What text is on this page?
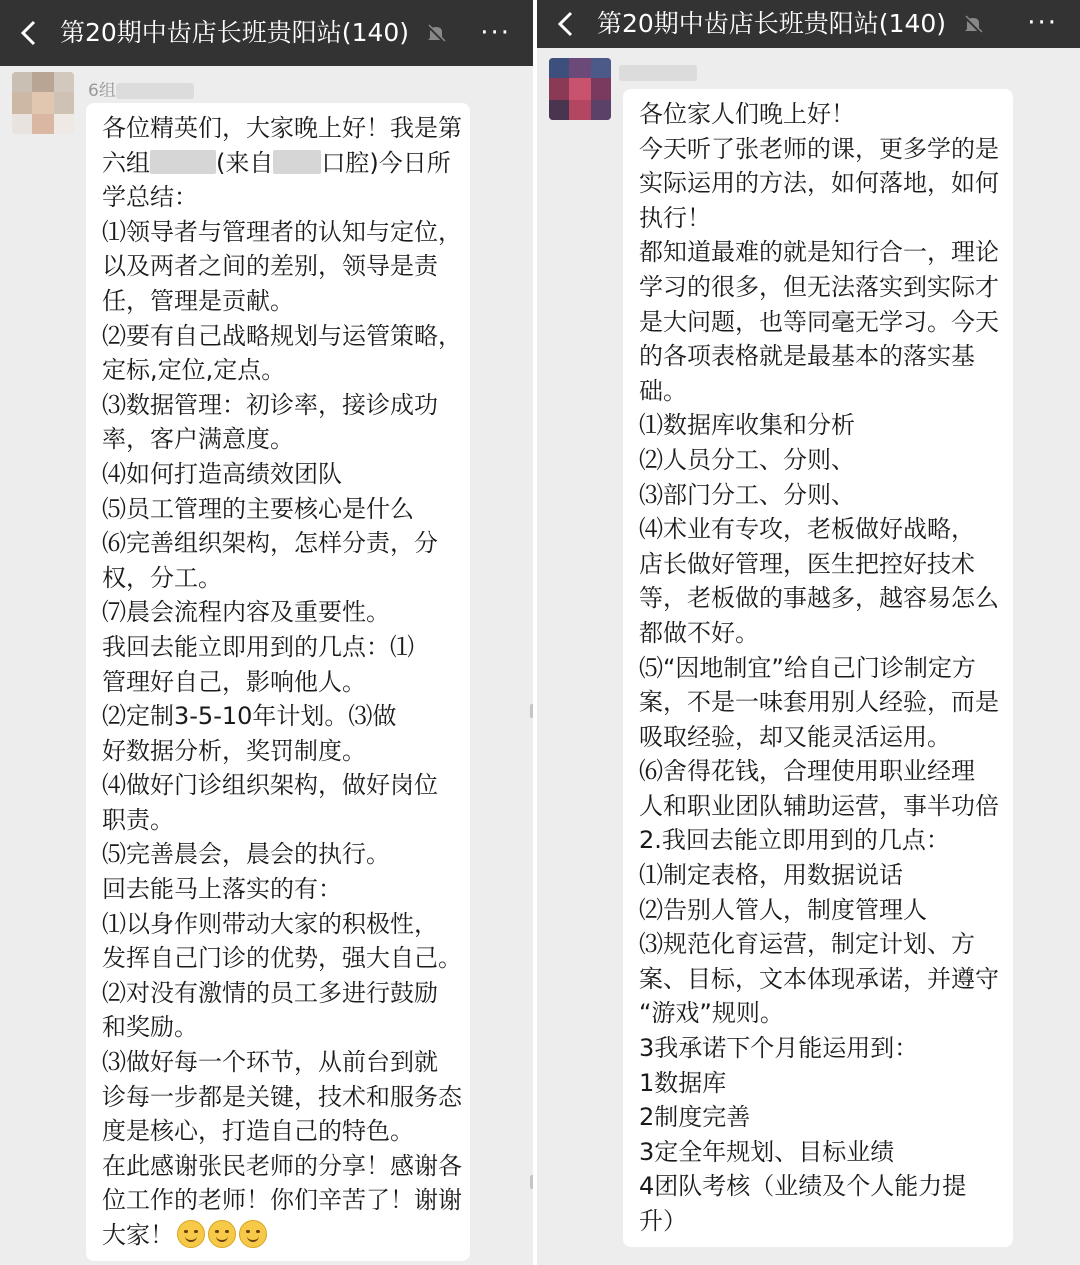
第20期中齿店长班贵阳站(140)	···
6组
各位精英们，大家晚上好！我是第
六组	(来自 口腔)今日所
学总结：
⑴领导者与管理者的认知与定位，
以及两者之间的差别，领导是责
任，管理是贡献。
⑵要有自己战略规划与运管策略，
定标,定位,定点。
⑶数据管理：初诊率，接诊成功
率，客户满意度。
⑷如何打造高绩效团队
⑸员工管理的主要核心是什么
⑹完善组织架构，怎样分责，分
权，分工。
⑺晨会流程内容及重要性。
我回去能立即用到的几点：⑴
管理好自己，影响他人。
⑵定制3-5-10年计划。⑶做
好数据分析，奖罚制度。
⑷做好门诊组织架构，做好岗位
职责。
⑸完善晨会，晨会的执行。
回去能马上落实的有：
⑴以身作则带动大家的积极性，
发挥自己门诊的优势，强大自己。
⑵对没有激情的员工多进行鼓励
和奖励。
⑶做好每一个环节，从前台到就
诊每一步都是关键，技术和服务态
度是核心，打造自己的特色。
在此感谢张民老师的分享！感谢各
位工作的老师！你们辛苦了！谢谢
大家！
第20期中齿店长班贵阳站(140)	···
各位家人们晚上好！
今天听了张老师的课，更多学的是
实际运用的方法，如何落地，如何
执行！
都知道最难的就是知行合一，理论
学习的很多，但无法落实到实际才
是大问题，也等同毫无学习。今天
的各项表格就是最基本的落实基
础。
⑴数据库收集和分析
⑵人员分工、分则、
⑶部门分工、分则、
⑷术业有专攻，老板做好战略，
店长做好管理，医生把控好技术
等，老板做的事越多，越容易怎么
都做不好。
⑸“因地制宜”给自己门诊制定方
案，不是一味套用别人经验，而是
吸取经验，却又能灵活运用。
⑹舍得花钱，合理使用职业经理
人和职业团队辅助运营，事半功倍
2.我回去能立即用到的几点：
⑴制定表格，用数据说话
⑵告别人管人，制度管理人
⑶规范化育运营，制定计划、方
案、目标，文本体现承诺，并遵守
“游戏”规则。
3我承诺下个月能运用到：
1数据库
2制度完善
3定全年规划、目标业绩
4团队考核（业绩及个人能力提
升）
